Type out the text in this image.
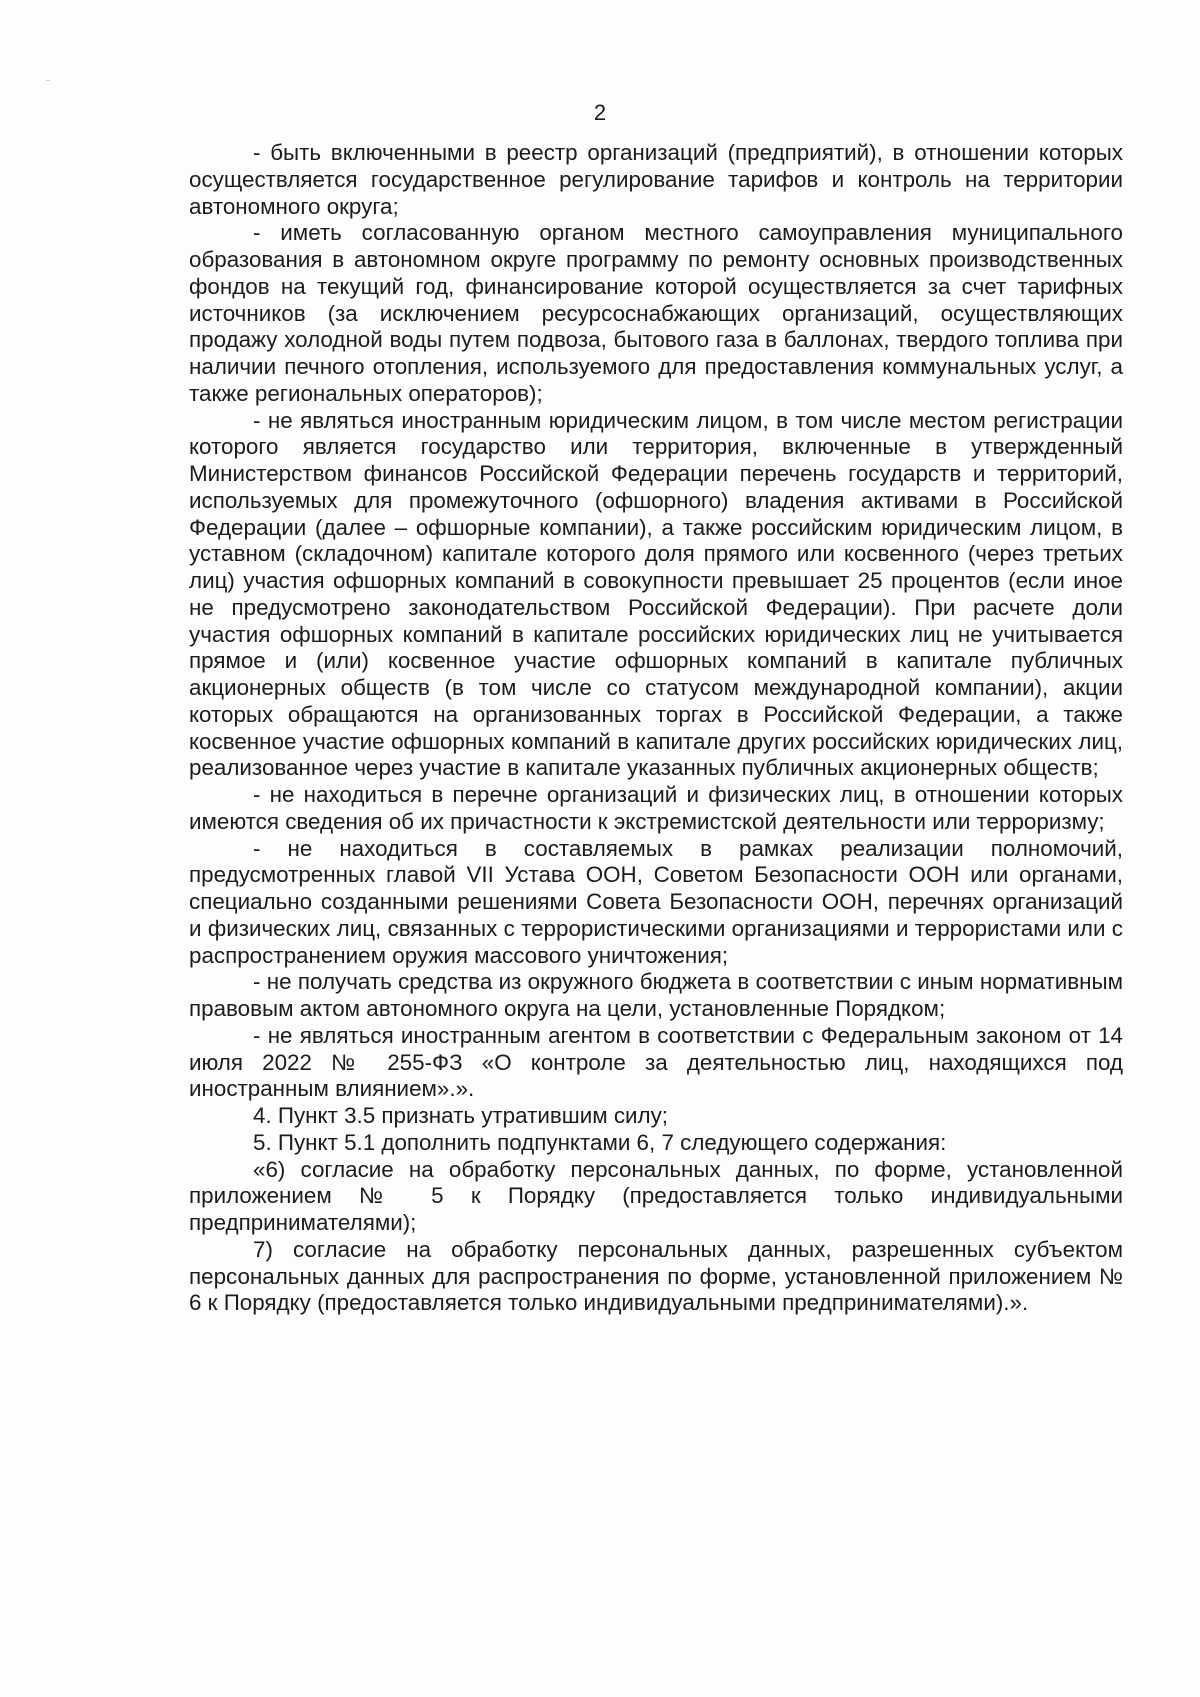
2

- быть включенными в реестр организаций (предприятий), в отношении которых осуществляется государственное регулирование тарифов и контроль на территории автономного округа;

- иметь согласованную органом местного самоуправления муниципального образования в автономном округе программу по ремонту основных производственных фондов на текущий год, финансирование которой осуществляется за счет тарифных источников (за исключением ресурсоснабжающих организаций, осуществляющих продажу холодной воды путем подвоза, бытового газа в баллонах, твердого топлива при наличии печного отопления, используемого для предоставления коммунальных услуг, а также региональных операторов);

- не являться иностранным юридическим лицом, в том числе местом регистрации которого является государство или территория, включенные в утвержденный Министерством финансов Российской Федерации перечень государств и территорий, используемых для промежуточного (офшорного) владения активами в Российской Федерации (далее – офшорные компании), а также российским юридическим лицом, в уставном (складочном) капитале которого доля прямого или косвенного (через третьих лиц) участия офшорных компаний в совокупности превышает 25 процентов (если иное не предусмотрено законодательством Российской Федерации). При расчете доли участия офшорных компаний в капитале российских юридических лиц не учитывается прямое и (или) косвенное участие офшорных компаний в капитале публичных акционерных обществ (в том числе со статусом международной компании), акции которых обращаются на организованных торгах в Российской Федерации, а также косвенное участие офшорных компаний в капитале других российских юридических лиц, реализованное через участие в капитале указанных публичных акционерных обществ;

- не находиться в перечне организаций и физических лиц, в отношении которых имеются сведения об их причастности к экстремистской деятельности или терроризму;

- не находиться в составляемых в рамках реализации полномочий, предусмотренных главой VII Устава ООН, Советом Безопасности ООН или органами, специально созданными решениями Совета Безопасности ООН, перечнях организаций и физических лиц, связанных с террористическими организациями и террористами или с распространением оружия массового уничтожения;

- не получать средства из окружного бюджета в соответствии с иным нормативным правовым актом автономного округа на цели, установленные Порядком;

- не являться иностранным агентом в соответствии с Федеральным законом от 14 июля 2022 № 255-ФЗ «О контроле за деятельностью лиц, находящихся под иностранным влиянием».».

4. Пункт 3.5 признать утратившим силу;

5. Пункт 5.1 дополнить подпунктами 6, 7 следующего содержания:

«6) согласие на обработку персональных данных, по форме, установленной приложением № 5 к Порядку (предоставляется только индивидуальными предпринимателями);

7) согласие на обработку персональных данных, разрешенных субъектом персональных данных для распространения по форме, установленной приложением № 6 к Порядку (предоставляется только индивидуальными предпринимателями).».
